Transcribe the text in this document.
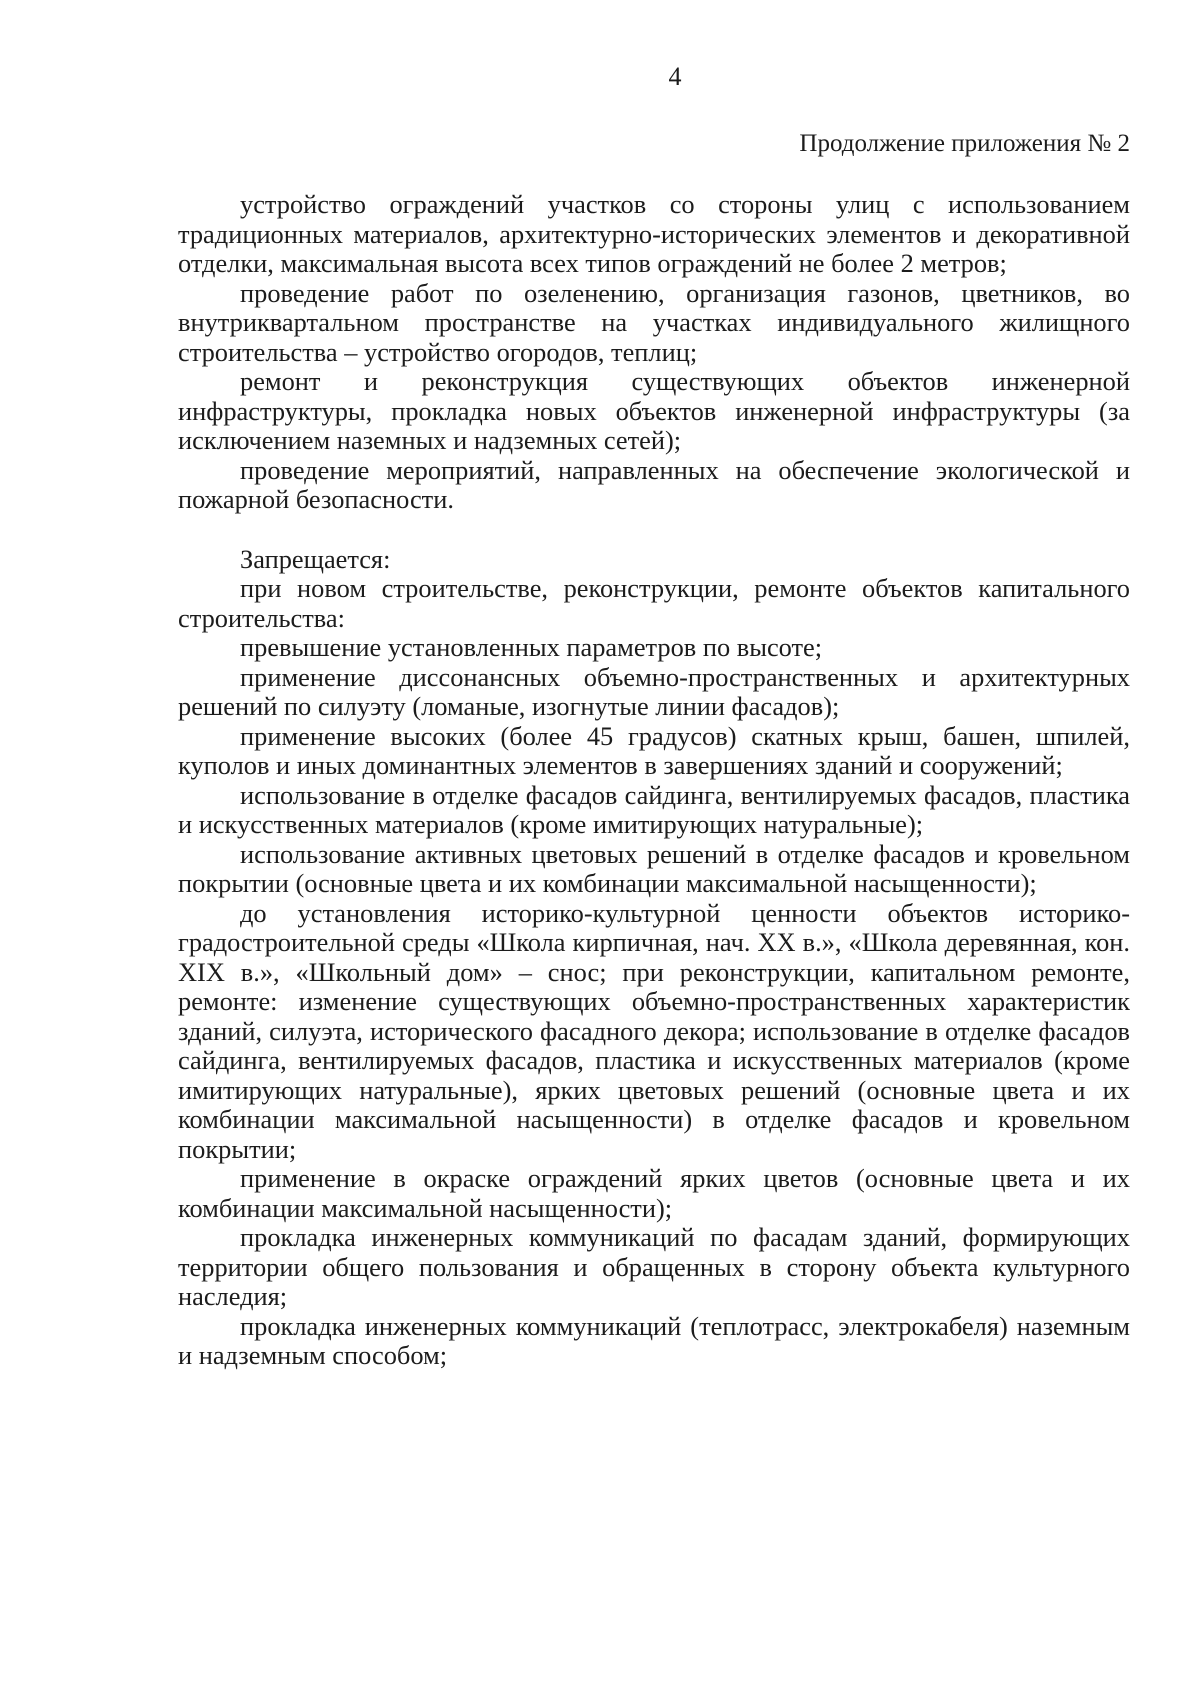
4
Продолжение приложения № 2

устройство ограждений участков со стороны улиц с использованием традиционных материалов, архитектурно-исторических элементов и декоративной отделки, максимальная высота всех типов ограждений не более 2 метров;

проведение работ по озеленению, организация газонов, цветников, во внутриквартальном пространстве на участках индивидуального жилищного строительства – устройство огородов, теплиц;

ремонт и реконструкция существующих объектов инженерной инфраструктуры, прокладка новых объектов инженерной инфраструктуры (за исключением наземных и надземных сетей);

проведение мероприятий, направленных на обеспечение экологической и пожарной безопасности.

Запрещается:

при новом строительстве, реконструкции, ремонте объектов капитального строительства:

превышение установленных параметров по высоте;

применение диссонансных объемно-пространственных и архитектурных решений по силуэту (ломаные, изогнутые линии фасадов);

применение высоких (более 45 градусов) скатных крыш, башен, шпилей, куполов и иных доминантных элементов в завершениях зданий и сооружений;

использование в отделке фасадов сайдинга, вентилируемых фасадов, пластика и искусственных материалов (кроме имитирующих натуральные);

использование активных цветовых решений в отделке фасадов и кровельном покрытии (основные цвета и их комбинации максимальной насыщенности);

до установления историко-культурной ценности объектов историко-градостроительной среды «Школа кирпичная, нач. XX в.», «Школа деревянная, кон. XIX в.», «Школьный дом» – снос; при реконструкции, капитальном ремонте, ремонте: изменение существующих объемно-пространственных характеристик зданий, силуэта, исторического фасадного декора; использование в отделке фасадов сайдинга, вентилируемых фасадов, пластика и искусственных материалов (кроме имитирующих натуральные), ярких цветовых решений (основные цвета и их комбинации максимальной насыщенности) в отделке фасадов и кровельном покрытии;

применение в окраске ограждений ярких цветов (основные цвета и их комбинации максимальной насыщенности);

прокладка инженерных коммуникаций по фасадам зданий, формирующих территории общего пользования и обращенных в сторону объекта культурного наследия;

прокладка инженерных коммуникаций (теплотрасс, электрокабеля) наземным и надземным способом;
